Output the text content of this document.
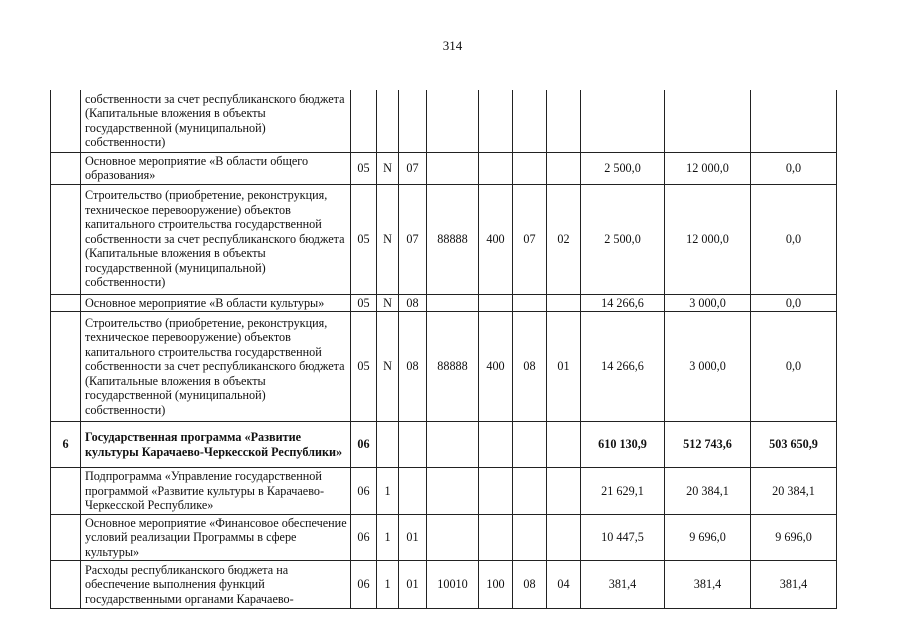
314
	собственности за счет республиканского бюджета (Капитальные вложения в объекты государственной (муниципальной) собственности)										
	Основное мероприятие «В области общего образования»	05	N	07					2 500,0	12 000,0	0,0
	Строительство (приобретение, реконструкция, техническое перевооружение) объектов капитального строительства государственной собственности за счет республиканского бюджета (Капитальные вложения в объекты государственной (муниципальной) собственности)	05	N	07	88888	400	07	02	2 500,0	12 000,0	0,0
	Основное мероприятие «В области культуры»	05	N	08					14 266,6	3 000,0	0,0
	Строительство (приобретение, реконструкция, техническое перевооружение) объектов капитального строительства государственной собственности за счет республиканского бюджета (Капитальные вложения в объекты государственной (муниципальной) собственности)	05	N	08	88888	400	08	01	14 266,6	3 000,0	0,0
6	Государственная программа «Развитие культуры Карачаево-Черкесской Республики»	06							610 130,9	512 743,6	503 650,9
	Подпрограмма «Управление государственной программой «Развитие культуры в Карачаево-Черкесской Республике»	06	1						21 629,1	20 384,1	20 384,1
	Основное мероприятие «Финансовое обеспечение условий реализации Программы в сфере культуры»	06	1	01					10 447,5	9 696,0	9 696,0
	Расходы республиканского бюджета на обеспечение выполнения функций государственными органами Карачаево-	06	1	01	10010	100	08	04	381,4	381,4	381,4
